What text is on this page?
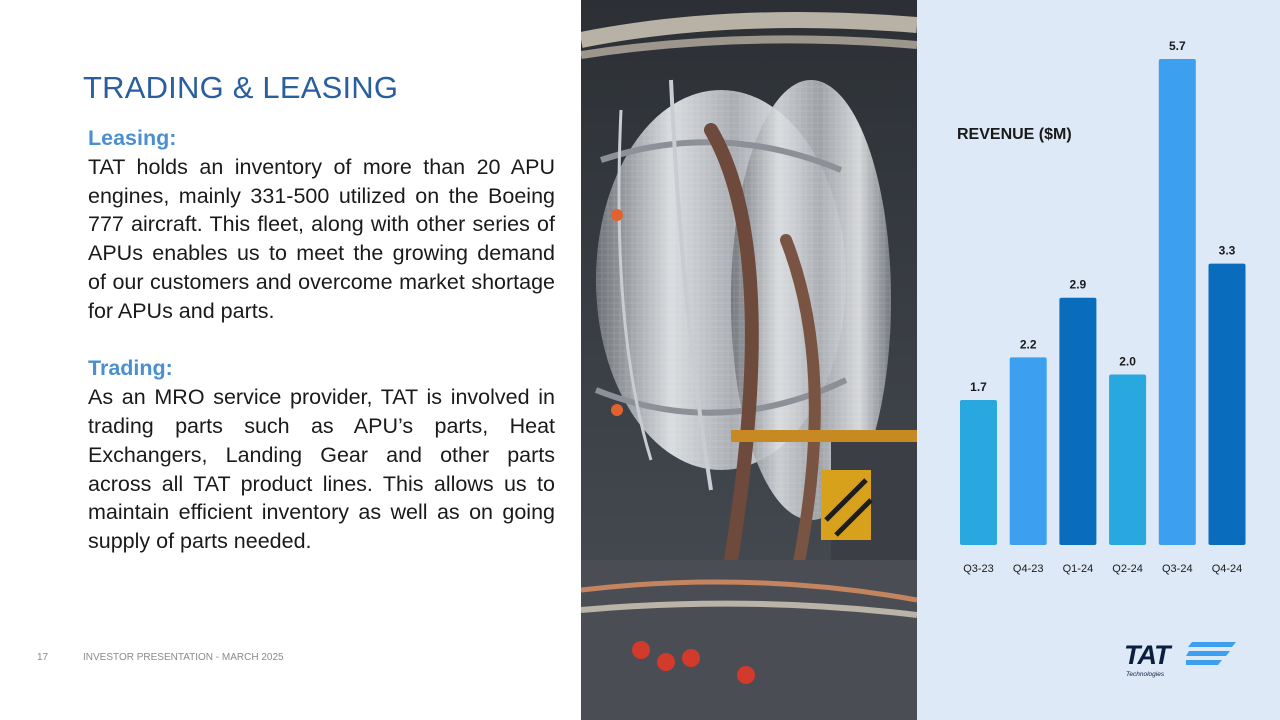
TRADING & LEASING
Leasing:

TAT holds an inventory of more than 20 APU engines, mainly 331-500 utilized on the Boeing 777 aircraft. This fleet, along with other series of APUs enables us to meet the growing demand of our customers and overcome market shortage for APUs and parts.

Trading:

As an MRO service provider, TAT is involved in trading parts such as APU’s parts, Heat Exchangers, Landing Gear and other parts across all TAT product lines. This allows us to maintain efficient inventory as well as on going supply of parts needed.

17	INVESTOR PRESENTATION - MARCH 2025
REVENUE ($M)
1.7
Q3-23
2.2
Q4-23
2.9
Q1-24
2.0
Q2-24
5.7
Q3-24
3.3
Q4-24
TAT
Technologies
